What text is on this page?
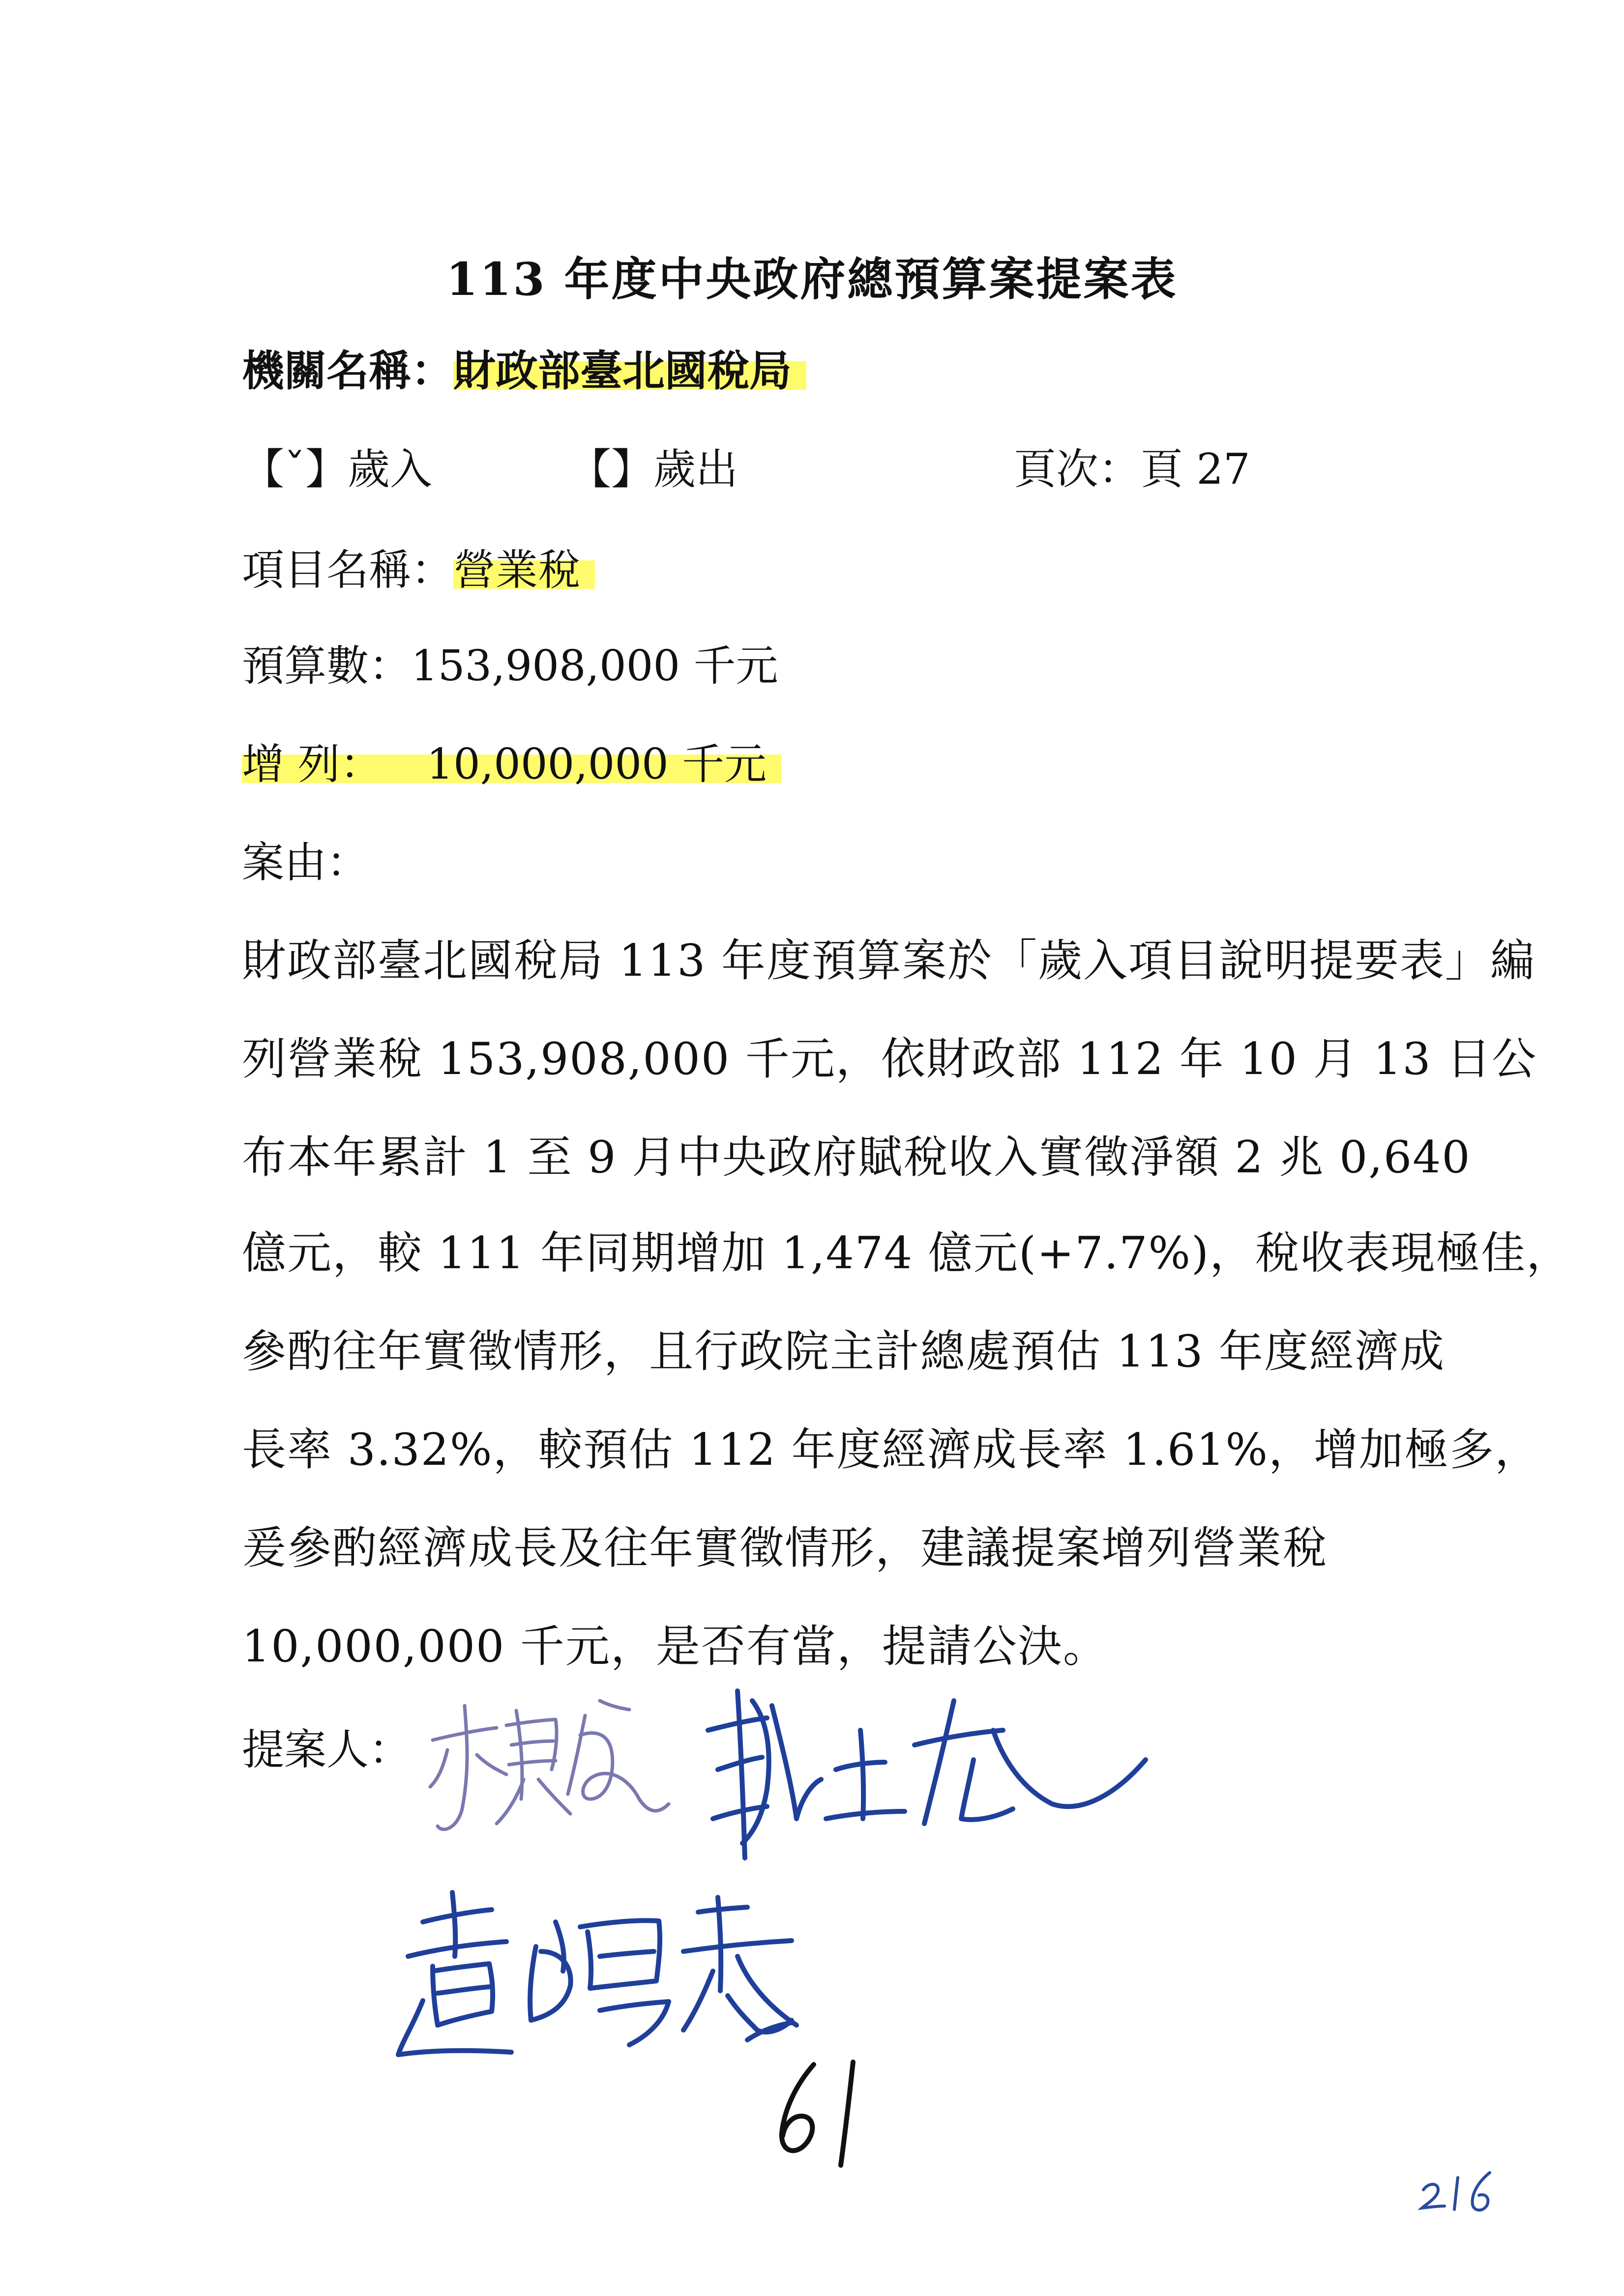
113 年度中央政府總預算案提案表
機關名稱：財政部臺北國稅局
【ˇ】歲入	【】歲出	頁次：頁 27
項目名稱：營業稅
預算數：153,908,000 千元
增 列： 10,000,000 千元
案由：
財政部臺北國稅局 113 年度預算案於「歲入項目說明提要表」編
列營業稅 153,908,000 千元，依財政部 112 年 10 月 13 日公
布本年累計 1 至 9 月中央政府賦稅收入實徵淨額 2 兆 0,640
億元，較 111 年同期增加 1,474 億元(+7.7%)，稅收表現極佳，
參酌往年實徵情形，且行政院主計總處預估 113 年度經濟成
長率 3.32%，較預估 112 年度經濟成長率 1.61%，增加極多，
爰參酌經濟成長及往年實徵情形，建議提案增列營業稅
10,000,000 千元，是否有當，提請公決。
提案人：
